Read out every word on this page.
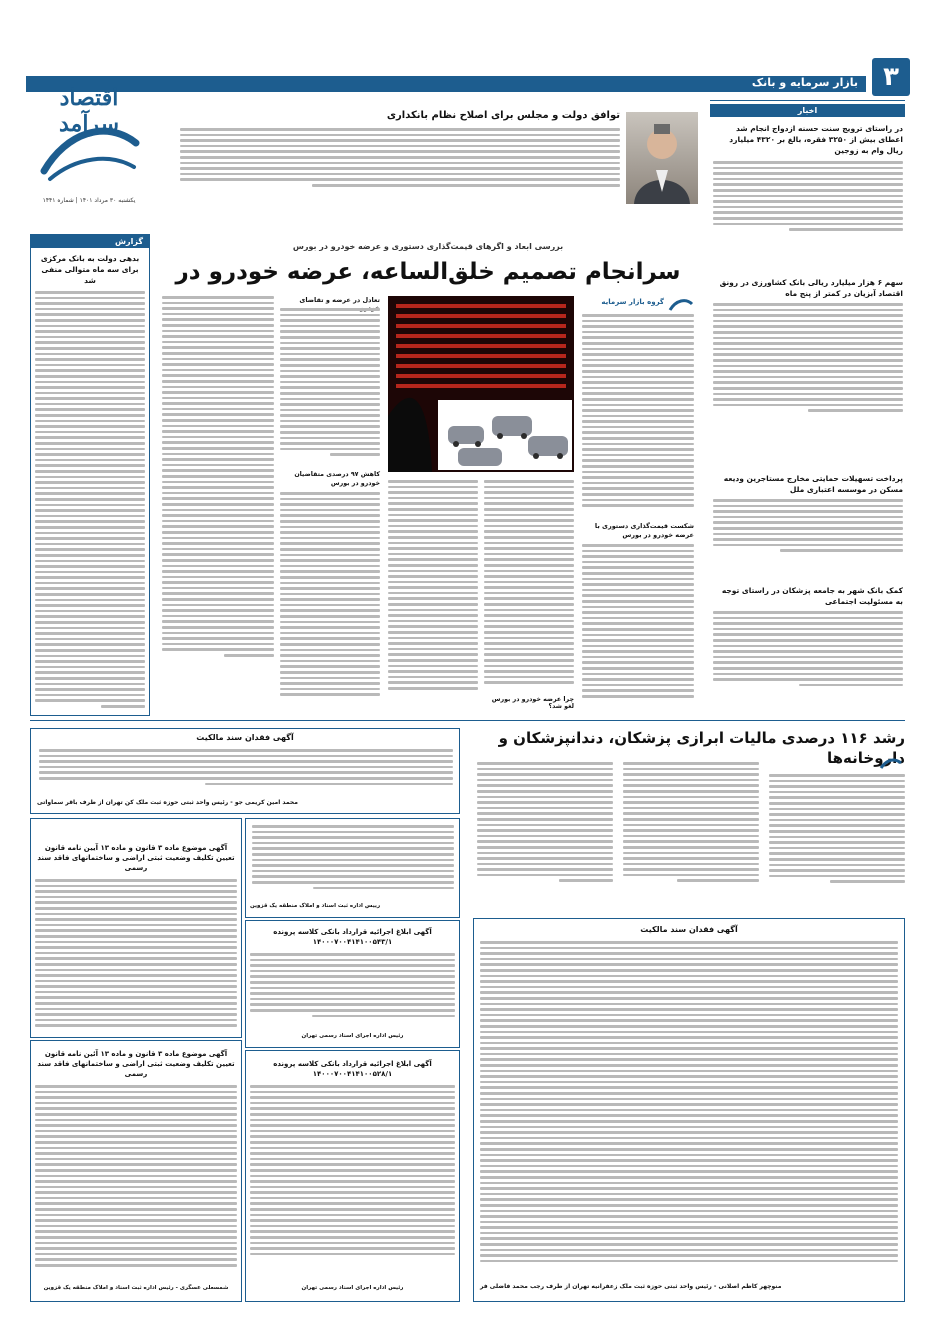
٣
بازار سرمایه و بانک
اقتصاد سرآمد
یکشنبه ۳۰ مرداد ۱۴۰۱ | شماره ۱۴۴۱
توافق دولت و مجلس برای اصلاح نظام بانکداری	اخبار
در راستای ترویج سنت حسنه ازدواج انجام شد اعطای بیش از ۳۲۵۰ فقره، بالغ بر ۴۳۲۰ میلیارد ریال وام به زوجین
سهم ۶ هزار میلیارد ریالی بانک کشاورزی در رونق اقتصاد آبزیان در کمتر از پنج ماه
پرداخت تسهیلات حمایتی مخارج مستاجرین ودیعه مسکن در موسسه اعتباری ملل
کمک بانک شهر به جامعه پزشکان در راستای توجه به مسئولیت اجتماعی
گزارش
بدهی دولت به بانک مرکزی برای سه ماه متوالی منفی شد
بررسی ابعاد و اگرهای قیمت‌گذاری دستوری و عرضه خودرو در بورس
سرانجام تصمیم خلق‌الساعه، عرضه خودرو در
گروه بازار سرمایه
شکست قیمت‌گذاری دستوری با عرضه خودرو در بورس
چرا عرضه خودرو در بورس لغو شد؟
تعادل در عرضه و تقاضای
کاهش ۹۷ درصدی متقاضیان خودرو در بورس
رشد ۱۱۶ درصدی مالیات ابرازی پزشکان، دندانپزشکان و داروخانه‌ها
آگهی فقدان سند مالکیت
محمد امین کریمی جو - رئیس واحد ثبتی حوزه ثبت ملک کن تهران از طرف باقر سماواتی
رییس اداره ثبت اسناد و املاک منطقه یک قزوین
آگهی موضوع ماده ۳ قانون و ماده ۱۳ آیین نامه قانون تعیین تکلیف وضعیت ثبتی اراضی و ساختمانهای فاقد سند رسمی
آگهی موضوع ماده ۳ قانون و ماده ۱۳ آئین نامه قانون تعیین تکلیف وضعیت ثبتی اراضی و ساختمانهای فاقد سند رسمی
شمسعلی عسگری - رئیس اداره ثبت اسناد و املاک منطقه یک قزوین
آگهی ابلاغ اجرائیه قرارداد بانکی کلاسه پرونده ۱۴۰۰۰۷۰۰۴۱۴۱۰۰۵۴۳/۱
رئیس اداره اجرای اسناد رسمی تهران
آگهی ابلاغ اجرائیه قرارداد بانکی کلاسه پرونده ۱۴۰۰۰۷۰۰۴۱۴۱۰۰۵۲۸/۱
رئیس اداره اجرای اسناد رسمی تهران
آگهی فقدان سند مالکیت
منوچهر کاظم اصلانی - رئیس واحد ثبتی حوزه ثبت ملک زعفرانیه تهران از طرف رجب محمد فاضلی فر
